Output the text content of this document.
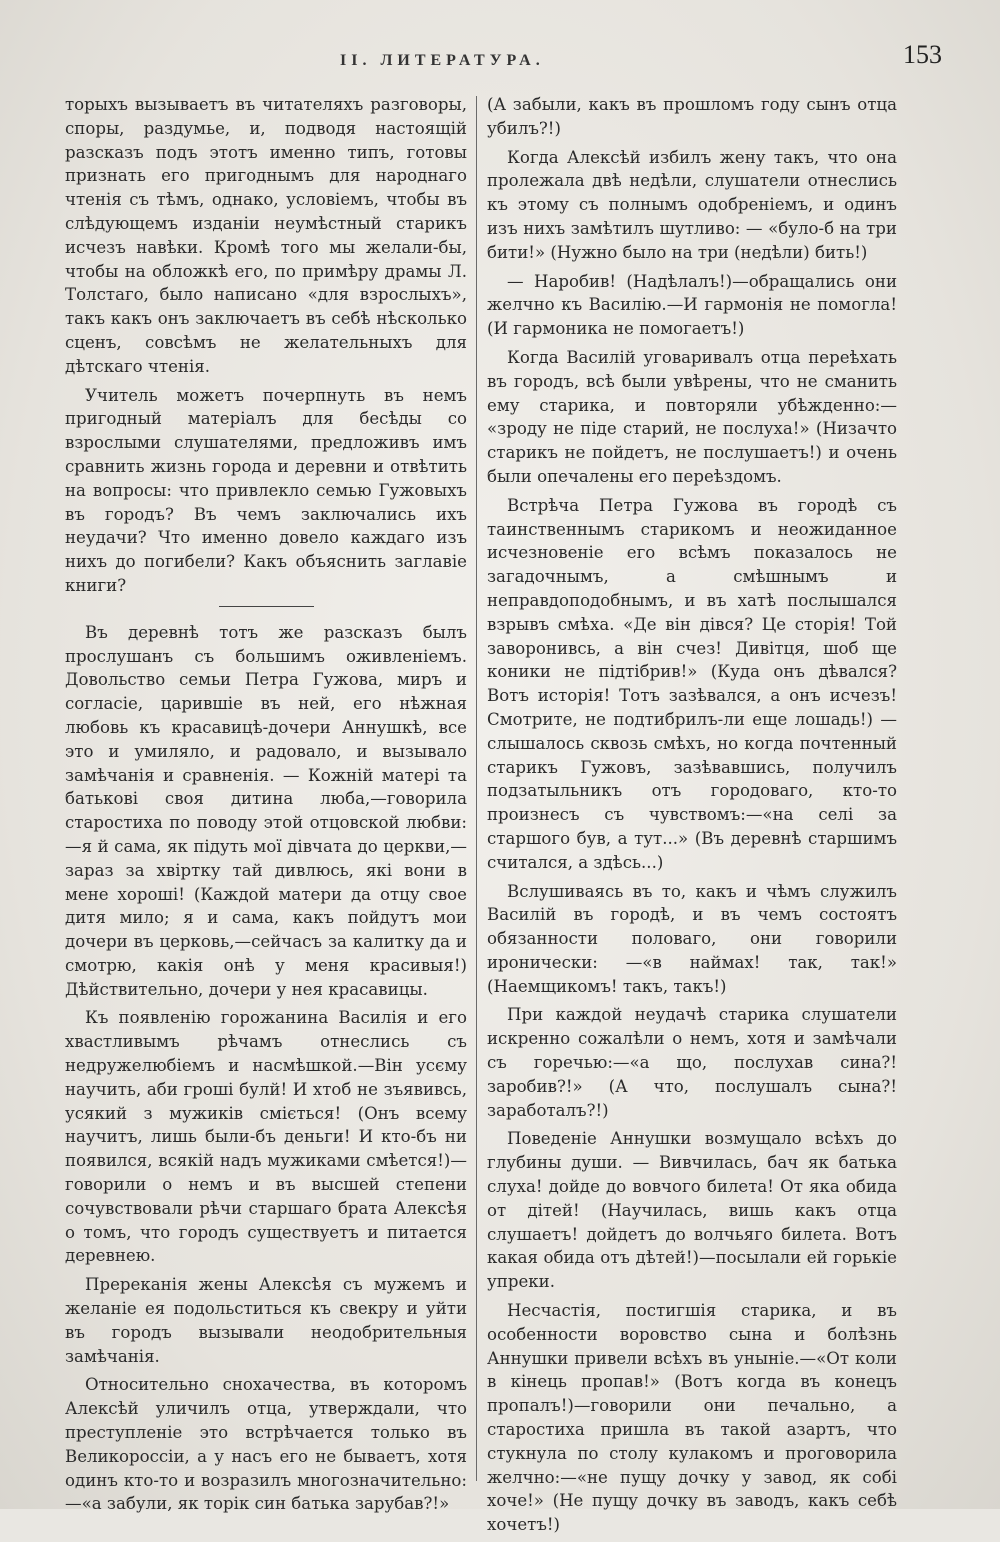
II. ЛИТЕРАТУРА.	153

торыхъ вызываетъ въ читателяхъ разговоры, споры, раздумье, и, подводя настоящій разсказъ подъ этотъ именно типъ, готовы признать его пригоднымъ для народнаго чтенія съ тѣмъ, однако, условіемъ, чтобы въ слѣдующемъ изданіи неумѣстный старикъ исчезъ навѣки. Кромѣ того мы желали-бы, чтобы на обложкѣ его, по примѣру драмы Л. Толстаго, было написано «для взрослыхъ», такъ какъ онъ заключаетъ въ себѣ нѣсколько сценъ, совсѣмъ не желательныхъ для дѣтскаго чтенія.

Учитель можетъ почерпнуть въ немъ пригодный матеріалъ для бесѣды со взрослыми слушателями, предложивъ имъ сравнить жизнь города и деревни и отвѣтить на вопросы: что привлекло семью Гужовыхъ въ городъ? Въ чемъ заключались ихъ неудачи? Что именно довело каждаго изъ нихъ до погибели? Какъ объяснить заглавіе книги?

Въ деревнѣ тотъ же разсказъ былъ прослушанъ съ большимъ оживленіемъ. Довольство семьи Петра Гужова, миръ и согласіе, царившіе въ ней, его нѣжная любовь къ красавицѣ-дочери Аннушкѣ, все это и умиляло, и радовало, и вызывало замѣчанія и сравненія. — Кожній матері та батькові своя дитина люба,—говорила старостиха по поводу этой отцовской любви:—я й сама, як підуть мої дівчата до церкви,—зараз за хвіртку тай дивлюсь, які вони в мене хороші! (Каждой матери да отцу свое дитя мило; я и сама, какъ пойдутъ мои дочери въ церковь,—сейчасъ за калитку да и смотрю, какія онѣ у меня красивыя!) Дѣйствительно, дочери у нея красавицы.

Къ появленію горожанина Василія и его хвастливымъ рѣчамъ отнеслись съ недружелюбіемъ и насмѣшкой.—Він усєму научить, аби гроші булй! И хтоб не зъявивсь, усякий з мужиків сміється! (Онъ всему научитъ, лишь были-бъ деньги! И кто-бъ ни появился, всякій надъ мужиками смѣется!)—говорили о немъ и въ высшей степени сочувствовали рѣчи старшаго брата Алексѣя о томъ, что городъ существуетъ и питается деревнею.

Пререканія жены Алексѣя съ мужемъ и желаніе ея подольститься къ свекру и уйти въ городъ вызывали неодобрительныя замѣчанія.

Относительно снохачества, въ которомъ Алексѣй уличилъ отца, утверждали, что преступленіе это встрѣчается только въ Великороссіи, а у насъ его не бываетъ, хотя одинъ кто-то и возразилъ многозначительно: —«а забули, як торік син батька зарубав?!»

(А забыли, какъ въ прошломъ году сынъ отца убилъ?!)

Когда Алексѣй избилъ жену такъ, что она пролежала двѣ недѣли, слушатели отнеслись къ этому съ полнымъ одобреніемъ, и одинъ изъ нихъ замѣтилъ шутливо: — «було-б на три бити!» (Нужно было на три (недѣли) бить!)

— Наробив! (Надѣлалъ!)—обращались они желчно къ Василію.—И гармонія не помогла! (И гармоника не помогаетъ!)

Когда Василій уговаривалъ отца переѣхать въ городъ, всѣ были увѣрены, что не сманить ему старика, и повторяли убѣжденно:— «зроду не піде старий, не послуха!» (Низачто старикъ не пойдетъ, не послушаетъ!) и очень были опечалены его переѣздомъ.

Встрѣча Петра Гужова въ городѣ съ таинственнымъ старикомъ и неожиданное исчезновеніе его всѣмъ показалось не загадочнымъ, а смѣшнымъ и неправдоподобнымъ, и въ хатѣ послышался взрывъ смѣха. «Де він дівся? Це сторія! Той заворонивсь, а він счез! Дивітця, шоб ще коники не підтібрив!» (Куда онъ дѣвался? Вотъ исторія! Тотъ зазѣвался, а онъ исчезъ! Смотрите, не подтибрилъ-ли еще лошадь!) — слышалось сквозь смѣхъ, но когда почтенный старикъ Гужовъ, зазѣвавшись, получилъ подзатыльникъ отъ городоваго, кто-то произнесъ съ чувствомъ:—«на селі за старшого був, а тут...» (Въ деревнѣ старшимъ считался, а здѣсь...)

Вслушиваясь въ то, какъ и чѣмъ служилъ Василій въ городѣ, и въ чемъ состоятъ обязанности половаго, они говорили иронически: —«в наймах! так, так!» (Наемщикомъ! такъ, такъ!)

При каждой неудачѣ старика слушатели искренно сожалѣли о немъ, хотя и замѣчали съ горечью:—«а що, послухав сина?! заробив?!» (А что, послушалъ сына?! заработалъ?!)

Поведеніе Аннушки возмущало всѣхъ до глубины души. — Вивчилась, бач як батька слуха! дойде до вовчого билета! От яка обида от дітей! (Научилась, вишь какъ отца слушаетъ! дойдетъ до волчьяго билета. Вотъ какая обида отъ дѣтей!)—посылали ей горькіе упреки.

Несчастія, постигшія старика, и въ особенности воровство сына и болѣзнь Аннушки привели всѣхъ въ уныніе.—«От коли в кінець пропав!» (Вотъ когда въ конецъ пропалъ!)—говорили они печально, а старостиха пришла въ такой азартъ, что стукнула по столу кулакомъ и проговорила желчно:—«не пущу дочку у завод, як собі хоче!» (Не пущу дочку въ заводъ, какъ себѣ хочетъ!)
